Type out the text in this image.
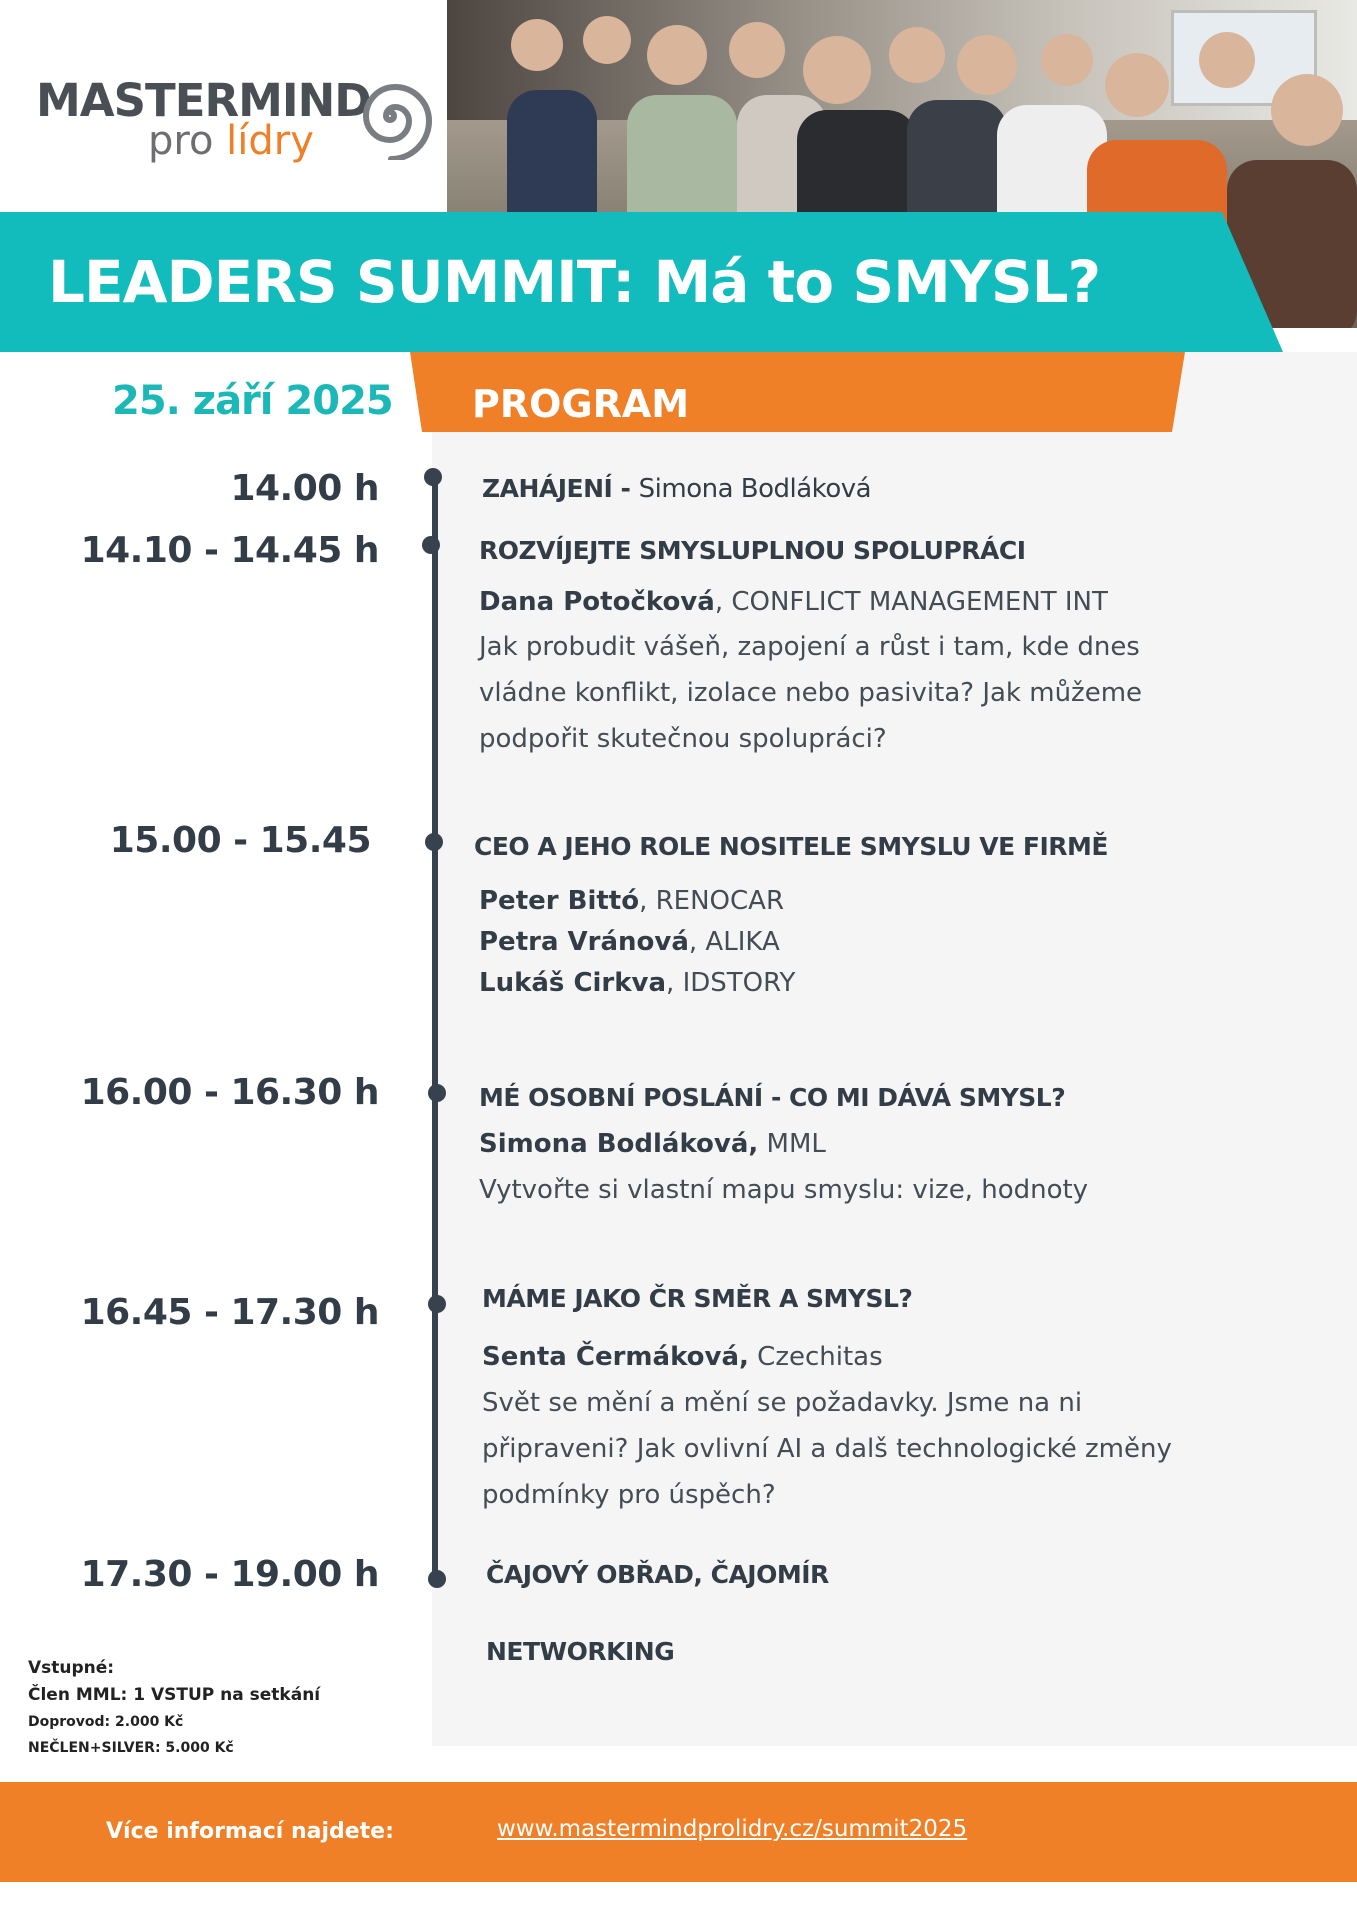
MASTERMIND
pro lídry
LEADERS SUMMIT: Má to SMYSL?
PROGRAM
25. září 2025
14.00 h	ZAHÁJENÍ - Simona Bodláková
14.10 - 14.45 h	ROZVÍJEJTE SMYSLUPLNOU SPOLUPRÁCI
Dana Potočková, CONFLICT MANAGEMENT INT
Jak probudit vášeň, zapojení a růst i tam, kde dnes
vládne konflikt, izolace nebo pasivita? Jak můžeme
podpořit skutečnou spolupráci?
15.00 - 15.45	CEO A JEHO ROLE NOSITELE SMYSLU VE FIRMĚ
Peter Bittó, RENOCAR
Petra Vránová, ALIKA
Lukáš Cirkva, IDSTORY
16.00 - 16.30 h	MÉ OSOBNÍ POSLÁNÍ - CO MI DÁVÁ SMYSL?
Simona Bodláková, MML
Vytvořte si vlastní mapu smyslu: vize, hodnoty
16.45 - 17.30 h	MÁME JAKO ČR SMĚR A SMYSL?
Senta Čermáková, Czechitas
Svět se mění a mění se požadavky. Jsme na ni
připraveni? Jak ovlivní AI a dalš technologické změny
podmínky pro úspěch?
17.30 - 19.00 h	ČAJOVÝ OBŘAD, ČAJOMÍR
NETWORKING
Vstupné:
Člen MML: 1 VSTUP na setkání
Doprovod: 2.000 Kč
NEČLEN+SILVER: 5.000 Kč
Více informací najdete:	www.mastermindprolidry.cz/summit2025
